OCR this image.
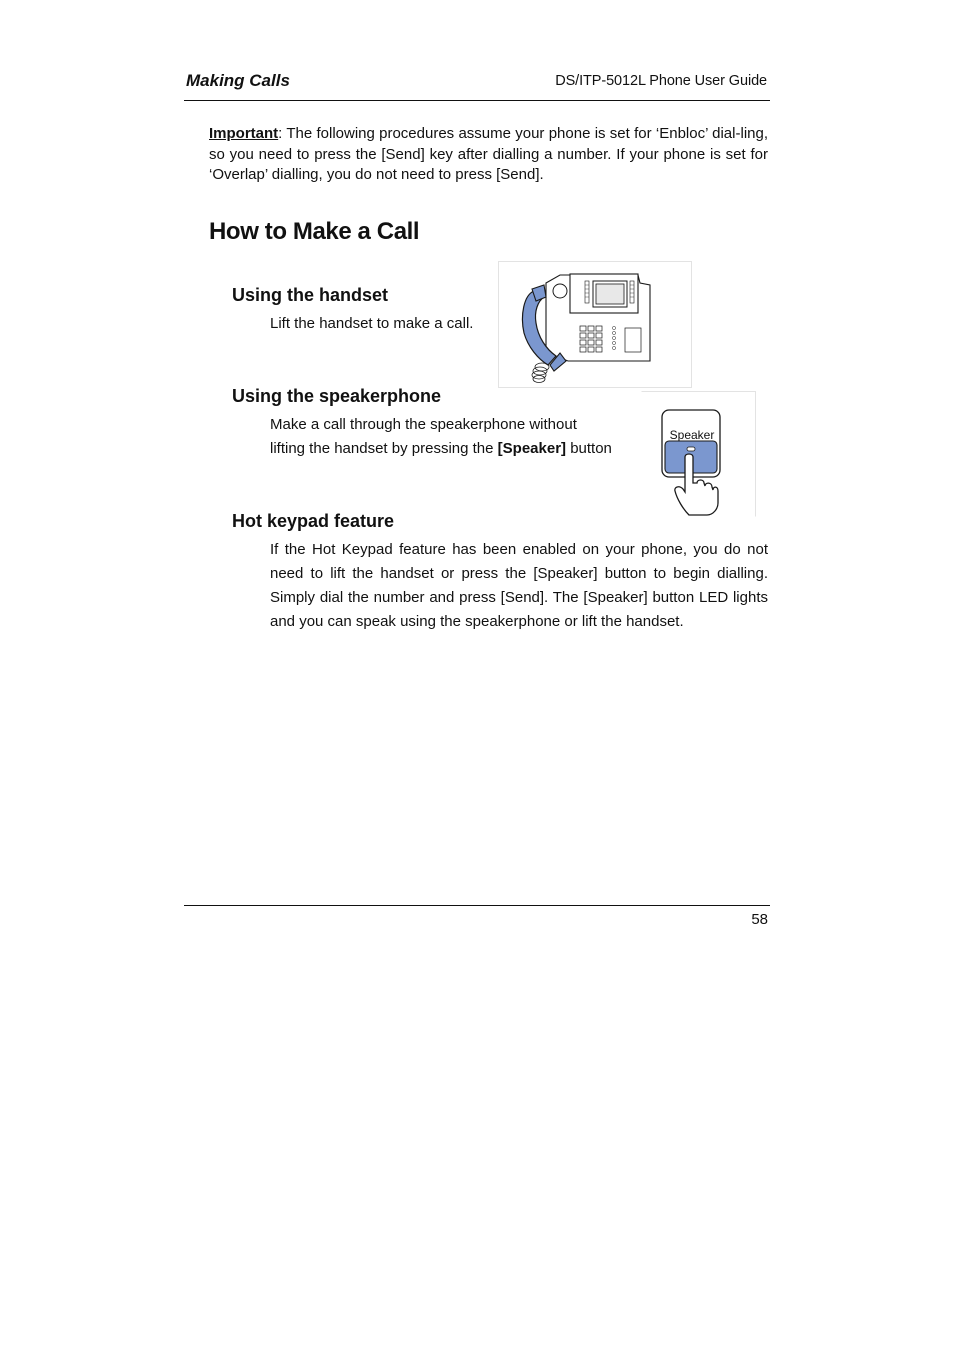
Making Calls	DS/ITP-5012L Phone User Guide
Important: The following procedures assume your phone is set for ‘Enbloc’ dial-ling, so you need to press the [Send] key after dialling a number. If your phone is set for ‘Overlap’ dialling, you do not need to press [Send].
How to Make a Call
Using the handset
Lift the handset to make a call.
Using the speakerphone
Make a call through the speakerphone without
lifting the handset by pressing the [Speaker] button
Speaker
Hot keypad feature
If the Hot Keypad feature has been enabled on your phone, you do not need to lift the handset or press the [Speaker] button to begin dialling. Simply dial the number and press [Send]. The [Speaker] button LED lights and you can speak using the speakerphone or lift the handset.
58
